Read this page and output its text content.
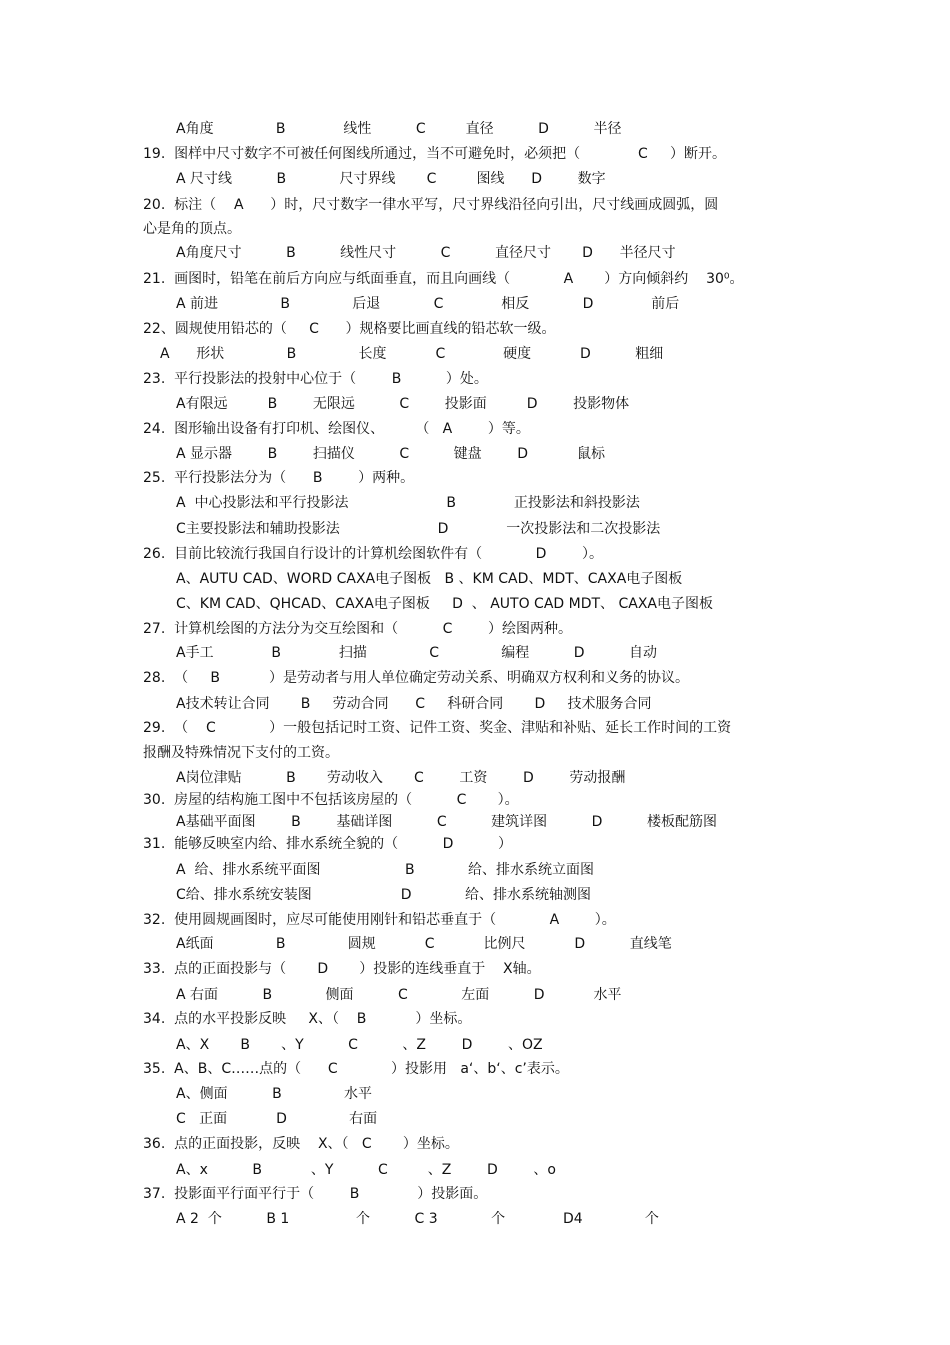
A角度              B             线性          C         直径          D          半径
19.  图样中尺寸数字不可被任何图线所通过，当不可避免时，必须把（             C     ）断开。
A 尺寸线          B            尺寸界线       C         图线      D        数字
20.  标注（    A      ）时，尺寸数字一律水平写，尺寸界线沿径向引出，尺寸线画成圆弧，圆
心是角的顶点。
A角度尺寸          B          线性尺寸          C          直径尺寸       D      半径尺寸
21.  画图时，铅笔在前后方向应与纸面垂直，而且向画线（            A       ）方向倾斜约    30⁰。
A 前进              B              后退            C             相反            D             前后
22、圆规使用铅芯的（     C      ）规格要比画直线的铅芯软一级。
A      形状              B              长度           C             硬度           D          粗细
23.  平行投影法的投射中心位于（        B          ）处。
A有限远         B        无限远          C        投影面         D        投影物体
24.  图形输出设备有打印机、绘图仪、       （   A        ）等。
A 显示器        B        扫描仪          C          键盘        D           鼠标
25.  平行投影法分为（      B        ）两种。
A  中心投影法和平行投影法                      B             正投影法和斜投影法
C主要投影法和辅助投影法                      D             一次投影法和二次投影法
26.  目前比较流行我国自行设计的计算机绘图软件有（            D        ）。
A、AUTU CAD、WORD CAXA电子图板   B 、KM CAD、MDT、CAXA电子图板
C、KM CAD、QHCAD、CAXA电子图板     D  、 AUTO CAD MDT、 CAXA电子图板
27.  计算机绘图的方法分为交互绘图和（          C        ）绘图两种。
A手工             B             扫描              C              编程          D          自动
28.  （     B           ）是劳动者与用人单位确定劳动关系、明确双方权利和义务的协议。
A技术转让合同       B     劳动合同      C     科研合同       D     技术服务合同
29.  （    C            ）一般包括记时工资、记件工资、奖金、津贴和补贴、延长工作时间的工资
报酬及特殊情况下支付的工资。
A岗位津贴          B       劳动收入       C        工资        D        劳动报酬
30.  房屋的结构施工图中不包括该房屋的（          C       ）。
A基础平面图        B        基础详图          C          建筑详图          D          楼板配筋图
31.  能够反映室内给、排水系统全貌的（          D          ）
A  给、排水系统平面图                   B            给、排水系统立面图
C给、排水系统安装图                    D            给、排水系统轴测图
32.  使用圆规画图时，应尽可能使用刚针和铅芯垂直于（            A        ）。
A纸面              B              圆规           C           比例尺           D          直线笔
33.  点的正面投影与（       D       ）投影的连线垂直于    X轴。
A 右面          B            侧面          C            左面          D           水平
34.  点的水平投影反映     X、（    B           ）坐标。
A、X       B       、Y          C          、Z        D        、OZ
35.  A、B、C……点的（      C            ）投影用   a‘、b‘、c’表示。
A、侧面          B              水平
C   正面           D              右面
36.  点的正面投影，反映    X、（   C       ）坐标。
A、x          B           、Y          C         、Z        D        、o
37.  投影面平行面平行于（        B             ）投影面。
A 2  个          B 1               个          C 3            个             D4              个
